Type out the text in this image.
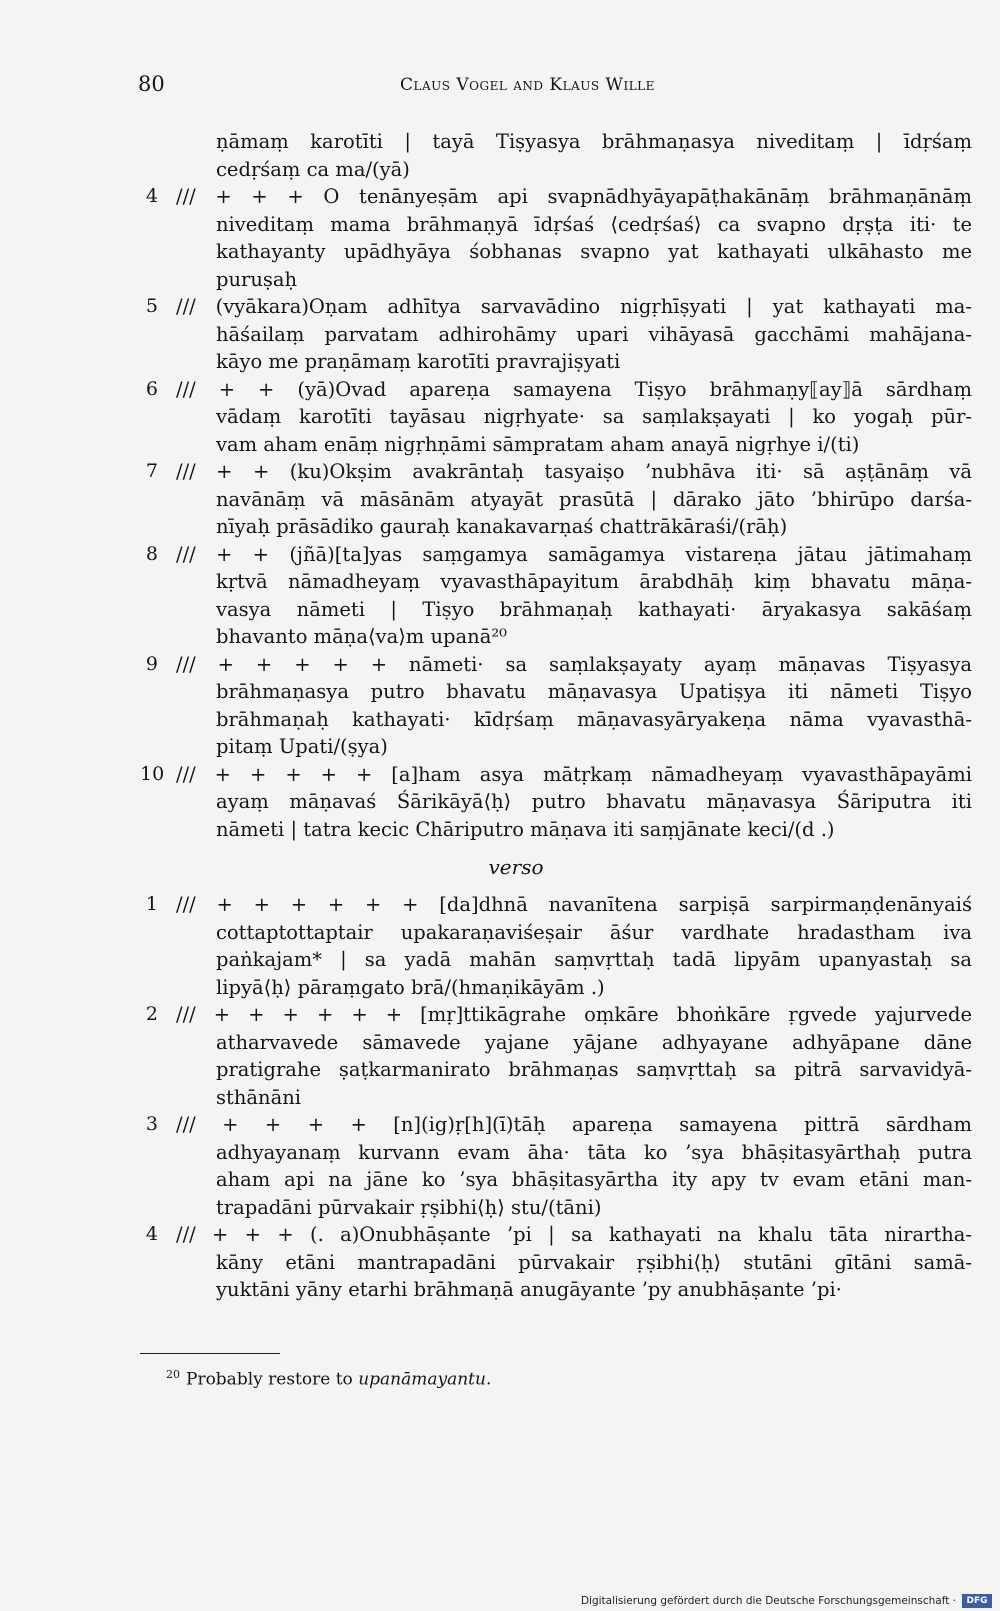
80	Claus Vogel and Klaus Wille
ṇāmaṃ karotīti | tayā Tiṣyasya brāhmaṇasya niveditaṃ | īdṛśaṃ
cedṛśaṃ ca ma/(yā)
4 /// + + + O tenānyeṣām api svapnādhyāyapāṭhakānāṃ brāhmaṇānāṃ
niveditaṃ mama brāhmaṇyā īdṛśaś ⟨cedṛśaś⟩ ca svapno dṛṣṭa iti· te
kathayanty upādhyāya śobhanas svapno yat kathayati ulkāhasto me
puruṣaḥ
5 /// (vyākara)Oṇam adhītya sarvavādino nigṛhīṣyati | yat kathayati ma-
hāśailaṃ parvatam adhirohāmy upari vihāyasā gacchāmi mahājana-
kāyo me praṇāmaṃ karotīti pravrajiṣyati
6 /// + + (yā)Ovad apareṇa samayena Tiṣyo brāhmaṇy⟦ay⟧ā sārdhaṃ
vādaṃ karotīti tayāsau nigṛhyate· sa saṃlakṣayati | ko yogaḥ pūr-
vam aham enāṃ nigṛhṇāmi sāmpratam aham anayā nigṛhye i/(ti)
7 /// + + (ku)Okṣim avakrāntaḥ tasyaiṣo ’nubhāva iti· sā aṣṭānāṃ vā
navānāṃ vā māsānām atyayāt prasūtā | dārako jāto ’bhirūpo darśa-
nīyaḥ prāsādiko gauraḥ kanakavarṇaś chattrākāraśi/(rāḥ)
8 /// + + (jñā)[ta]yas saṃgamya samāgamya vistareṇa jātau jātimahaṃ
kṛtvā nāmadheyaṃ vyavasthāpayitum ārabdhāḥ kiṃ bhavatu māṇa-
vasya nāmeti | Tiṣyo brāhmaṇaḥ kathayati· āryakasya sakāśaṃ
bhavanto māṇa⟨va⟩m upanā²⁰
9 /// + + + + + nāmeti· sa saṃlakṣayaty ayaṃ māṇavas Tiṣyasya
brāhmaṇasya putro bhavatu māṇavasya Upatiṣya iti nāmeti Tiṣyo
brāhmaṇaḥ kathayati· kīdṛśaṃ māṇavasyāryakeṇa nāma vyavasthā-
pitaṃ Upati/(ṣya)
10 /// + + + + + [a]ham asya mātṛkaṃ nāmadheyaṃ vyavasthāpayāmi
ayaṃ māṇavaś Śārikāyā⟨ḥ⟩ putro bhavatu māṇavasya Śāriputra iti
nāmeti | tatra kecic Chāriputro māṇava iti saṃjānate keci/(d .)
verso
1 /// + + + + + + [da]dhnā navanītena sarpiṣā sarpirmaṇḍenānyaiś
cottaptottaptair upakaraṇaviśeṣair āśur vardhate hradastham iva
paṅkajam* | sa yadā mahān saṃvṛttaḥ tadā lipyām upanyastaḥ sa
lipyā⟨ḥ⟩ pāraṃgato brā/(hmaṇikāyām .)
2 /// + + + + + + [mṛ]ttikāgrahe oṃkāre bhoṅkāre ṛgvede yajurvede
atharvavede sāmavede yajane yājane adhyayane adhyāpane dāne
pratigrahe ṣaṭkarmanirato brāhmaṇas saṃvṛttaḥ sa pitrā sarvavidyā-
sthānāni
3 /// + + + + [n](ig)ṛ[h](ī)tāḥ apareṇa samayena pittrā sārdham
adhyayanaṃ kurvann evam āha· tāta ko ’sya bhāṣitasyārthaḥ putra
aham api na jāne ko ’sya bhāṣitasyārtha ity apy tv evam etāni man-
trapadāni pūrvakair ṛṣibhi⟨ḥ⟩ stu/(tāni)
4 /// + + + (. a)Onubhāṣante ’pi | sa kathayati na khalu tāta nirartha-
kāny etāni mantrapadāni pūrvakair ṛṣibhi⟨ḥ⟩ stutāni gītāni samā-
yuktāni yāny etarhi brāhmaṇā anugāyante ’py anubhāṣante ’pi·
$^{20}$ Probably restore to upanāmayantu.
Digitalisierung gefördert durch die Deutsche Forschungsgemeinschaft ·	DFG
